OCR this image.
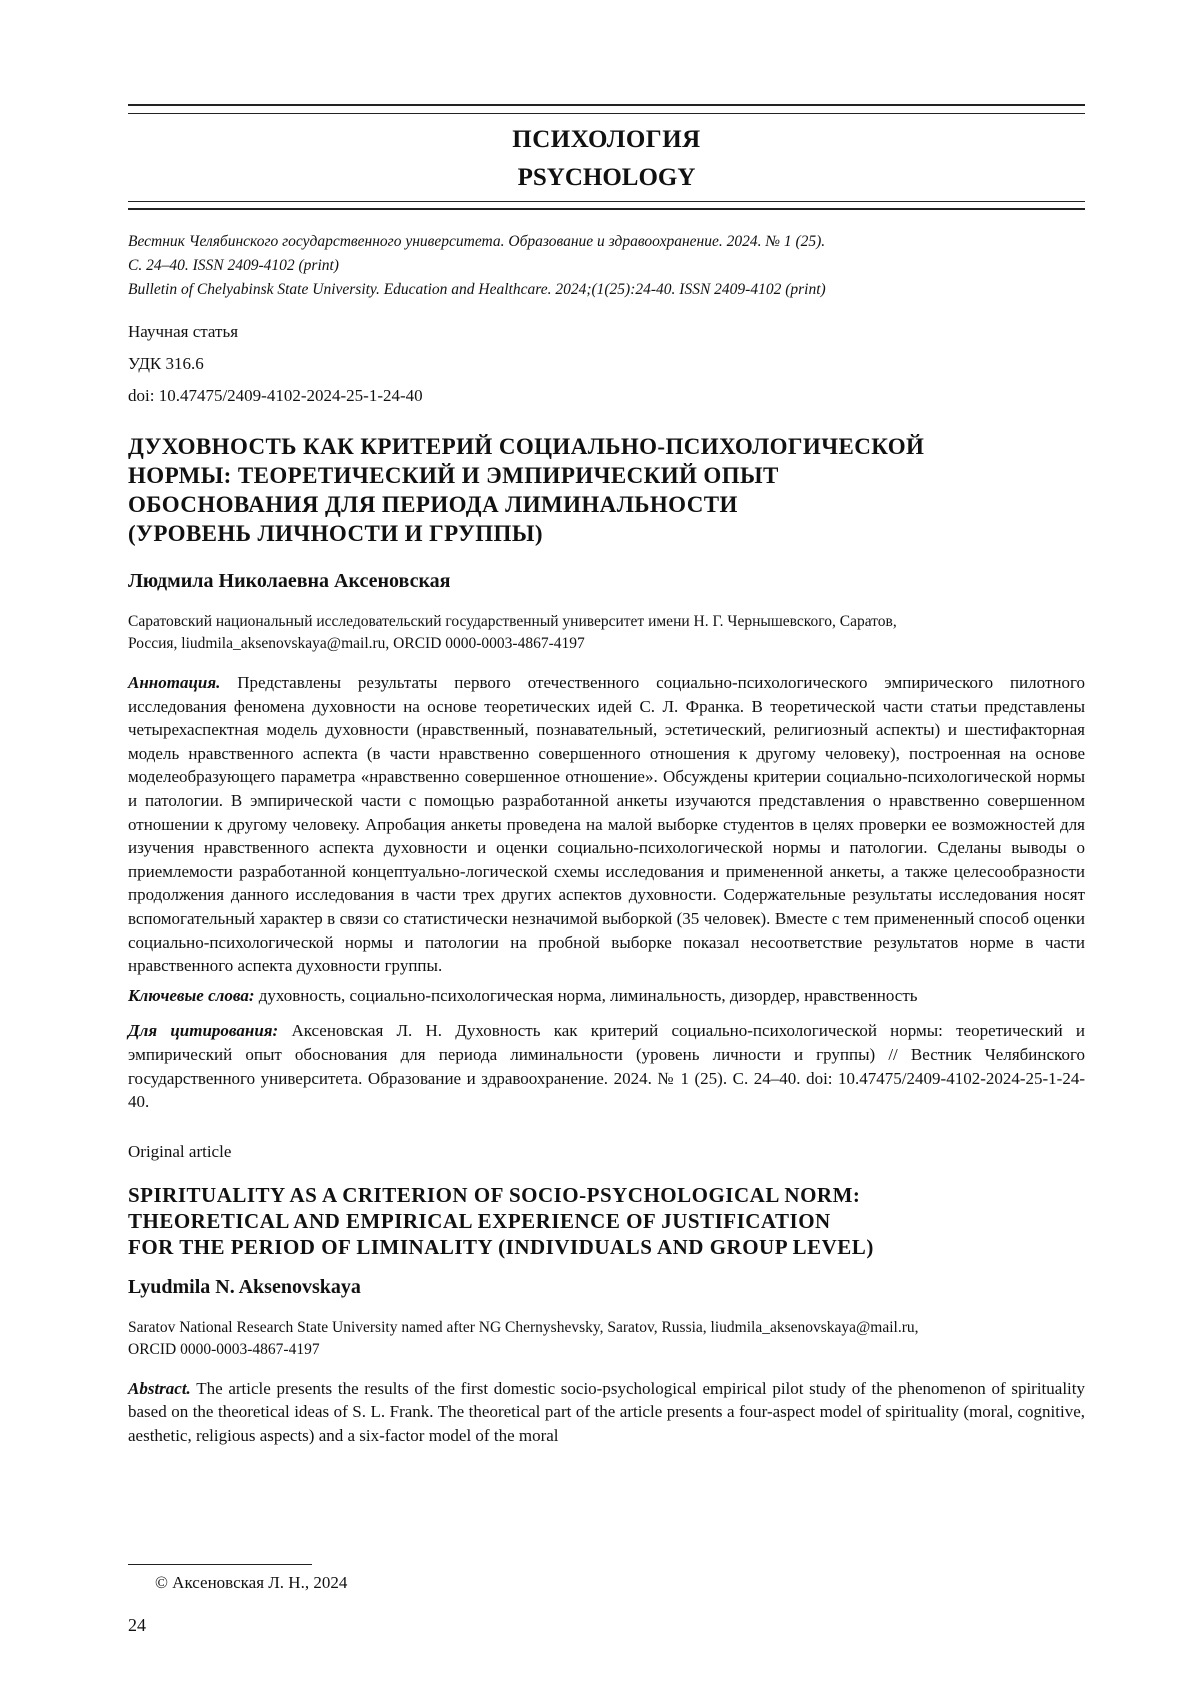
ПСИХОЛОГИЯ
PSYCHOLOGY
Вестник Челябинского государственного университета. Образование и здравоохранение. 2024. № 1 (25).
С. 24–40. ISSN 2409-4102 (print)
Bulletin of Chelyabinsk State University. Education and Healthcare. 2024;(1(25):24-40. ISSN 2409-4102 (print)
Научная статья
УДК 316.6
doi: 10.47475/2409-4102-2024-25-1-24-40
ДУХОВНОСТЬ КАК КРИТЕРИЙ СОЦИАЛЬНО-ПСИХОЛОГИЧЕСКОЙ
НОРМЫ: ТЕОРЕТИЧЕСКИЙ И ЭМПИРИЧЕСКИЙ ОПЫТ
ОБОСНОВАНИЯ ДЛЯ ПЕРИОДА ЛИМИНАЛЬНОСТИ
(УРОВЕНЬ ЛИЧНОСТИ И ГРУППЫ)
Людмила Николаевна Аксеновская
Саратовский национальный исследовательский государственный университет имени Н. Г. Чернышевского, Саратов,
Россия, liudmila_aksenovskaya@mail.ru, ORCID 0000-0003-4867-4197
Аннотация. Представлены результаты первого отечественного социально-психологического эмпирического пилотного исследования феномена духовности на основе теоретических идей С. Л. Франка. В теоретической части статьи представлены четырехаспектная модель духовности (нравственный, познавательный, эстетический, религиозный аспекты) и шестифакторная модель нравственного аспекта (в части нравственно совершенного отношения к другому человеку), построенная на основе моделеобразующего параметра «нравственно совершенное отношение». Обсуждены критерии социально-психологической нормы и патологии. В эмпирической части с помощью разработанной анкеты изучаются представления о нравственно совершенном отношении к другому человеку. Апробация анкеты проведена на малой выборке студентов в целях проверки ее возможностей для изучения нравственного аспекта духовности и оценки социально-психологической нормы и патологии. Сделаны выводы о приемлемости разработанной концептуально-логической схемы исследования и примененной анкеты, а также целесообразности продолжения данного исследования в части трех других аспектов духовности. Содержательные результаты исследования носят вспомогательный характер в связи со статистически незначимой выборкой (35 человек). Вместе с тем примененный способ оценки социально-психологической нормы и патологии на пробной выборке показал несоответствие результатов норме в части нравственного аспекта духовности группы.
Ключевые слова: духовность, социально-психологическая норма, лиминальность, дизордер, нравственность
Для цитирования: Аксеновская Л. Н. Духовность как критерий социально-психологической нормы: теоретический и эмпирический опыт обоснования для периода лиминальности (уровень личности и группы) // Вестник Челябинского государственного университета. Образование и здравоохранение. 2024. № 1 (25). С. 24–40. doi: 10.47475/2409-4102-2024-25-1-24-40.
Original article
SPIRITUALITY AS A CRITERION OF SOCIO-PSYCHOLOGICAL NORM:
THEORETICAL AND EMPIRICAL EXPERIENCE OF JUSTIFICATION
FOR THE PERIOD OF LIMINALITY (INDIVIDUALS AND GROUP LEVEL)
Lyudmila N. Aksenovskaya
Saratov National Research State University named after NG Chernyshevsky, Saratov, Russia, liudmila_aksenovskaya@mail.ru,
ORCID 0000-0003-4867-4197
Abstract. The article presents the results of the first domestic socio-psychological empirical pilot study of the phenomenon of spirituality based on the theoretical ideas of S. L. Frank. The theoretical part of the article presents a four-aspect model of spirituality (moral, cognitive, aesthetic, religious aspects) and a six-factor model of the moral
© Аксеновская Л. Н., 2024
24
